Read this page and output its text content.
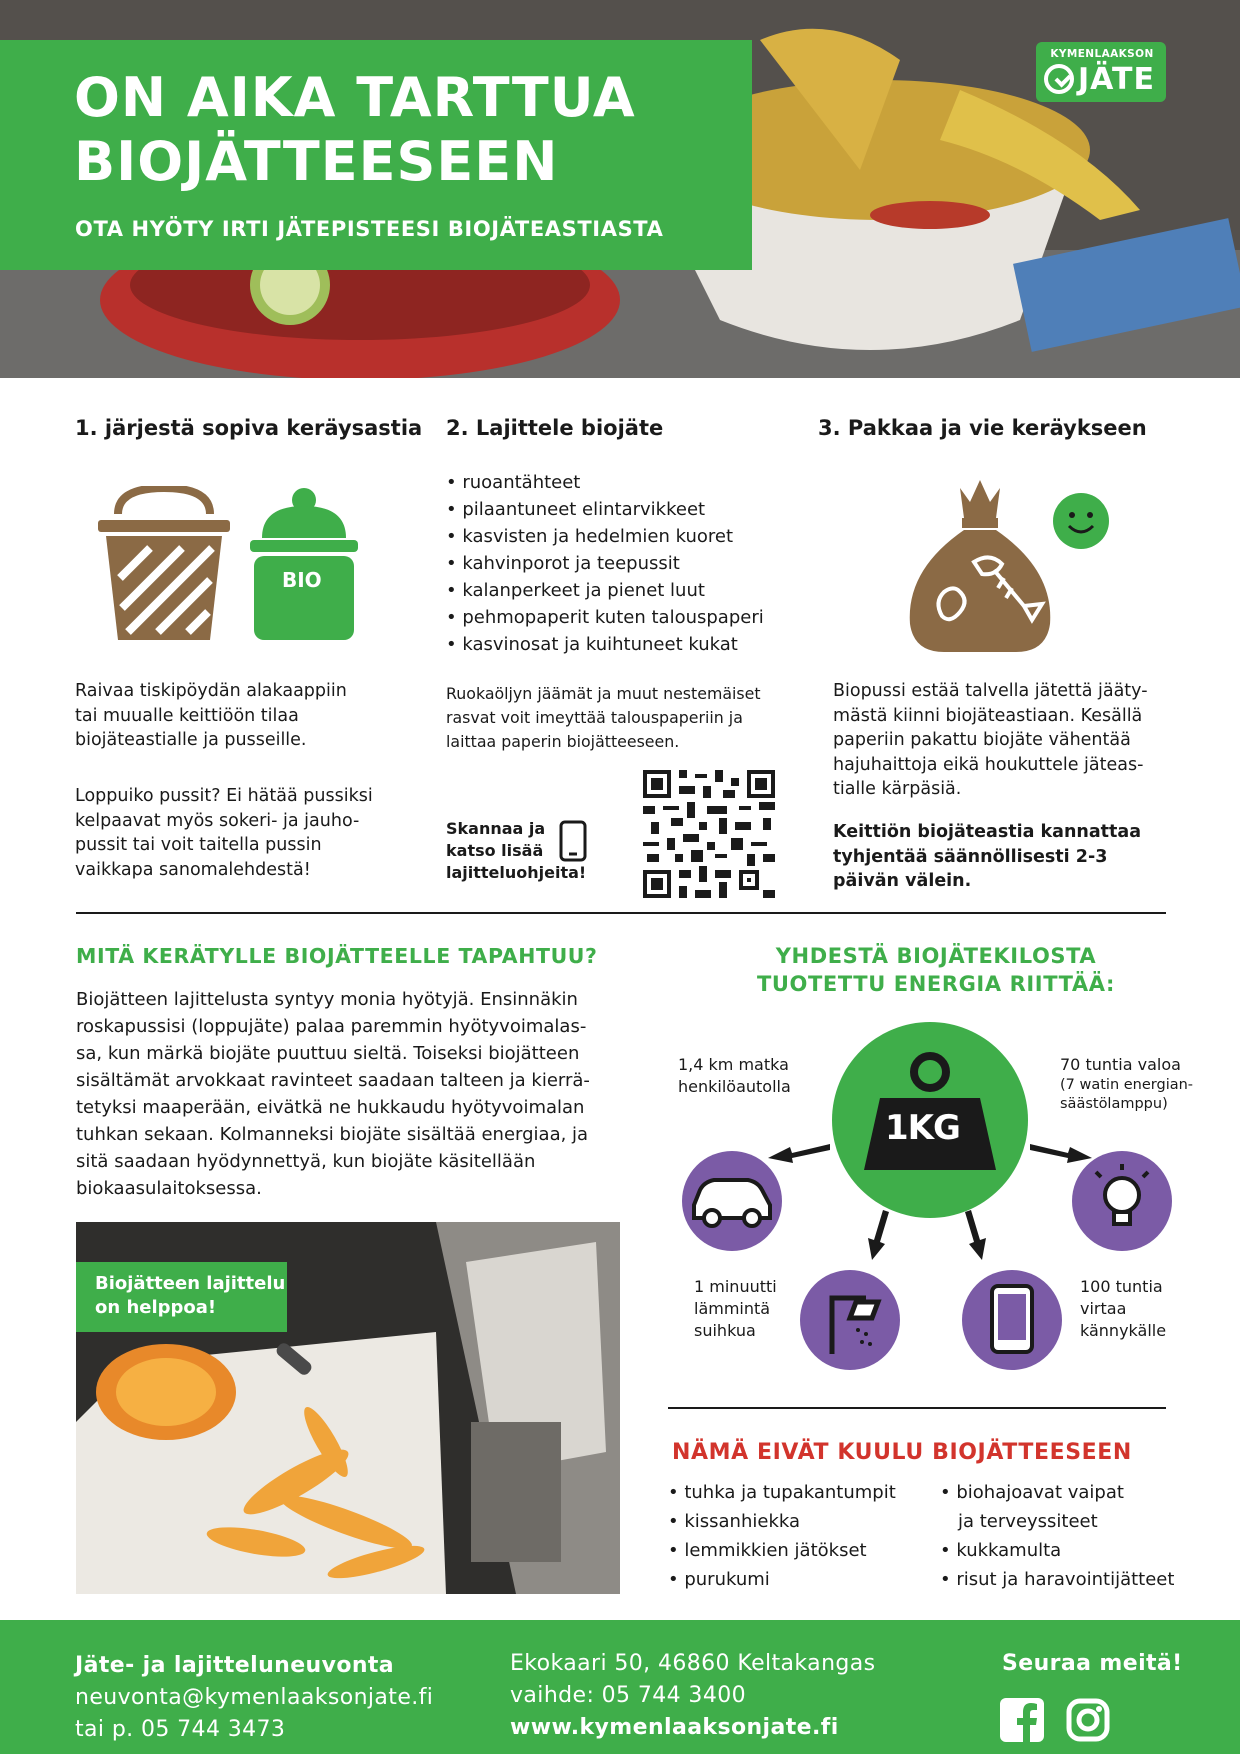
ON AIKA TARTTUA
BIOJÄTTEESEEN
OTA HYÖTY IRTI JÄTEPISTEESI BIOJÄTEASTIASTA
KYMENLAAKSON
JÄTE
1. järjestä sopiva keräysastia
BIO
Raivaa tiskipöydän alakaappiin
tai muualle keittiöön tilaa
biojäteastialle ja pusseille.
Loppuiko pussit? Ei hätää pussiksi
kelpaavat myös sokeri- ja jauho-
pussit tai voit taitella pussin
vaikkapa sanomalehdestä!
2. Lajittele biojäte
• ruoantähteet
• pilaantuneet elintarvikkeet
• kasvisten ja hedelmien kuoret
• kahvinporot ja teepussit
• kalanperkeet ja pienet luut
• pehmopaperit kuten talouspaperi
• kasvinosat ja kuihtuneet kukat
Ruokaöljyn jäämät ja muut nestemäiset
rasvat voit imeyttää talouspaperiin ja
laittaa paperin biojätteeseen.
Skannaa ja
katso lisää
lajitteluohjeita!
3. Pakkaa ja vie keräykseen
Biopussi estää talvella jätettä jääty-
mästä kiinni biojäteastiaan. Kesällä
paperiin pakattu biojäte vähentää
hajuhaittoja eikä houkuttele jäteas-
tialle kärpäsiä.
Keittiön biojäteastia kannattaa
tyhjentää säännöllisesti 2-3
päivän välein.
MITÄ KERÄTYLLE BIOJÄTTEELLE TAPAHTUU?
Biojätteen lajittelusta syntyy monia hyötyjä. Ensinnäkin
roskapussisi (loppujäte) palaa paremmin hyötyvoimalas-
sa, kun märkä biojäte puuttuu sieltä. Toiseksi biojätteen
sisältämät arvokkaat ravinteet saadaan talteen ja kierrä-
tetyksi maaperään, eivätkä ne hukkaudu hyötyvoimalan
tuhkan sekaan. Kolmanneksi biojäte sisältää energiaa, ja
sitä saadaan hyödynnettyä, kun biojäte käsitellään
biokaasulaitoksessa.
Biojätteen lajittelu
on helppoa!
YHDESTÄ BIOJÄTEKILOSTA
TUOTETTU ENERGIA RIITTÄÄ:
1KG
1,4 km matka
henkilöautolla
70 tuntia valoa
(7 watin energian-
säästölamppu)
1 minuutti
lämmintä
suihkua
100 tuntia
virtaa
kännykälle
NÄMÄ EIVÄT KUULU BIOJÄTTEESEEN
• tuhka ja tupakantumpit
• kissanhiekka
• lemmikkien jätökset
• purukumi
• biohajoavat vaipat
ja terveyssiteet
• kukkamulta
• risut ja haravointijätteet
Jäte- ja lajitteluneuvonta
neuvonta@kymenlaaksonjate.fi
tai p. 05 744 3473
Ekokaari 50, 46860 Keltakangas
vaihde: 05 744 3400
www.kymenlaaksonjate.fi
Seuraa meitä!
